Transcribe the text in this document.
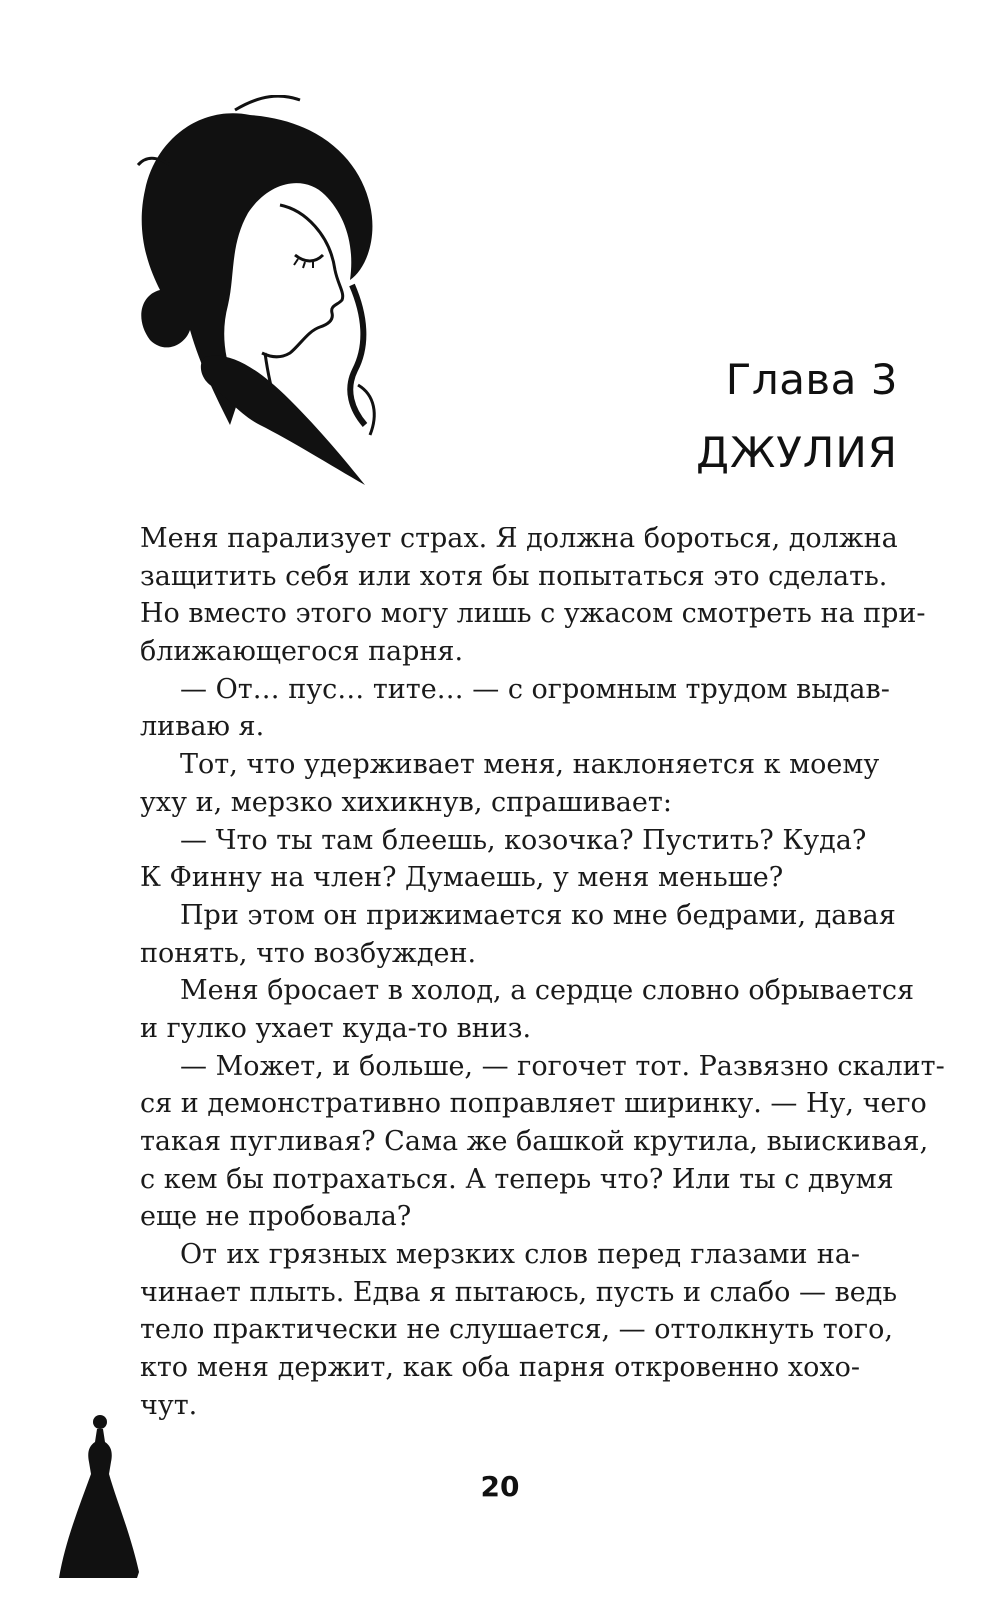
Глава 3
ДЖУЛИЯ
Меня парализует страх. Я должна бороться, должна
защитить себя или хотя бы попытаться это сделать.
Но вместо этого могу лишь с ужасом смотреть на при-
ближающегося парня.
— От… пус… тите… — с огромным трудом выдав-
ливаю я.
Тот, что удерживает меня, наклоняется к моему
уху и, мерзко хихикнув, спрашивает:
— Что ты там блеешь, козочка? Пустить? Куда?
К Финну на член? Думаешь, у меня меньше?
При этом он прижимается ко мне бедрами, давая
понять, что возбужден.
Меня бросает в холод, а сердце словно обрывается
и гулко ухает куда-то вниз.
— Может, и больше, — гогочет тот. Развязно скалит-
ся и демонстративно поправляет ширинку. — Ну, чего
такая пугливая? Сама же башкой крутила, выискивая,
с кем бы потрахаться. А теперь что? Или ты с двумя
еще не пробовала?
От их грязных мерзких слов перед глазами на-
чинает плыть. Едва я пытаюсь, пусть и слабо — ведь
тело практически не слушается, — оттолкнуть того,
кто меня держит, как оба парня откровенно хохо-
чут.
20
